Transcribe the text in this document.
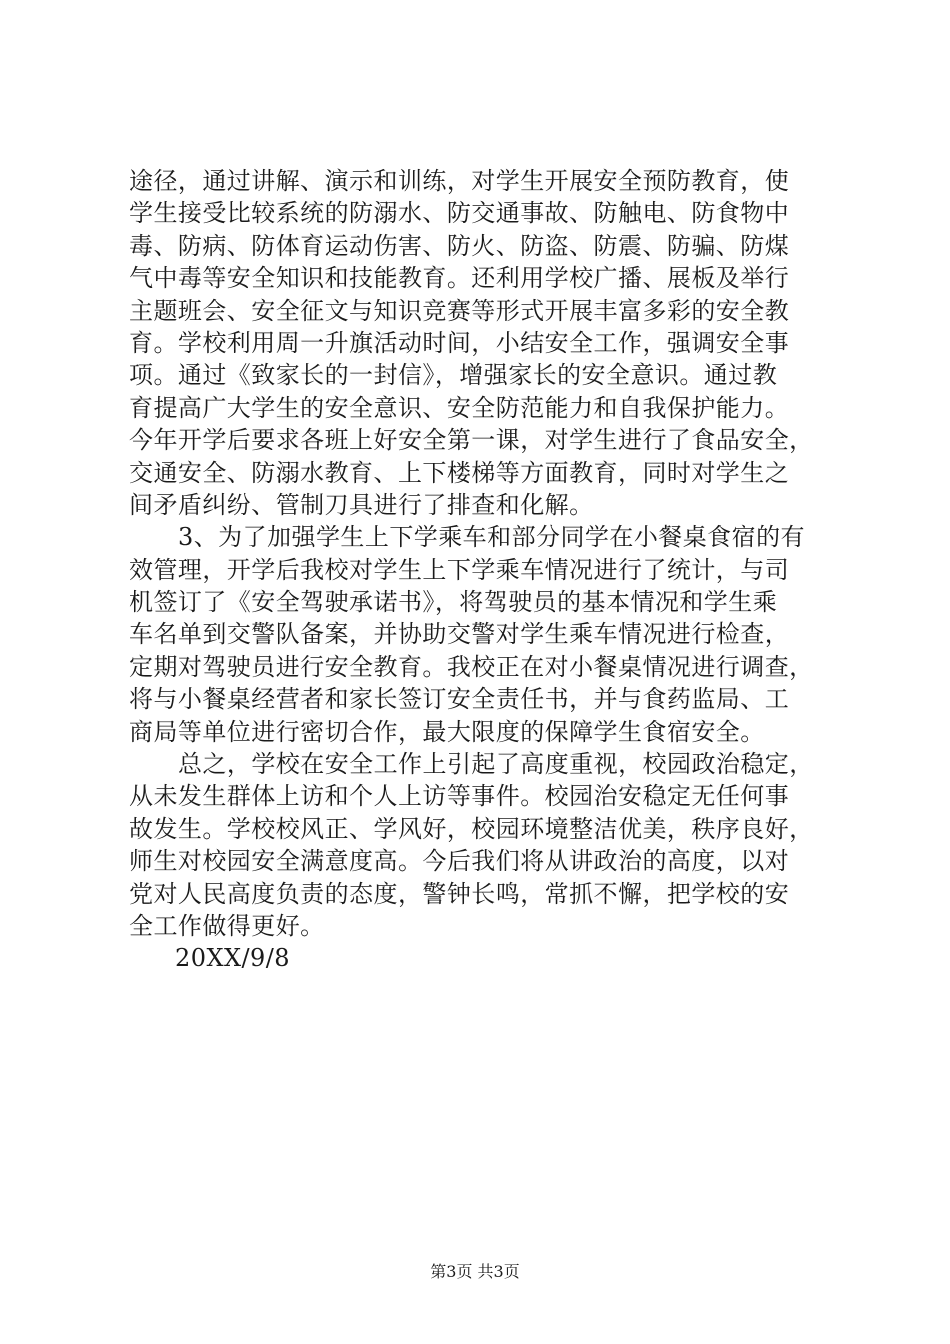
途径，通过讲解、演示和训练，对学生开展安全预防教育，使
学生接受比较系统的防溺水、防交通事故、防触电、防食物中
毒、防病、防体育运动伤害、防火、防盗、防震、防骗、防煤
气中毒等安全知识和技能教育。还利用学校广播、展板及举行
主题班会、安全征文与知识竞赛等形式开展丰富多彩的安全教
育。学校利用周一升旗活动时间，小结安全工作，强调安全事
项。通过《致家长的一封信》，增强家长的安全意识。通过教
育提高广大学生的安全意识、安全防范能力和自我保护能力。
今年开学后要求各班上好安全第一课，对学生进行了食品安全，
交通安全、防溺水教育、上下楼梯等方面教育，同时对学生之
间矛盾纠纷、管制刀具进行了排查和化解。
3、为了加强学生上下学乘车和部分同学在小餐桌食宿的有
效管理，开学后我校对学生上下学乘车情况进行了统计，与司
机签订了《安全驾驶承诺书》，将驾驶员的基本情况和学生乘
车名单到交警队备案，并协助交警对学生乘车情况进行检查，
定期对驾驶员进行安全教育。我校正在对小餐桌情况进行调查，
将与小餐桌经营者和家长签订安全责任书，并与食药监局、工
商局等单位进行密切合作，最大限度的保障学生食宿安全。
总之，学校在安全工作上引起了高度重视，校园政治稳定，
从未发生群体上访和个人上访等事件。校园治安稳定无任何事
故发生。学校校风正、学风好，校园环境整洁优美，秩序良好，
师生对校园安全满意度高。今后我们将从讲政治的高度，以对
党对人民高度负责的态度，警钟长鸣，常抓不懈，把学校的安
全工作做得更好。
20XX/9/8
第3页 共3页
